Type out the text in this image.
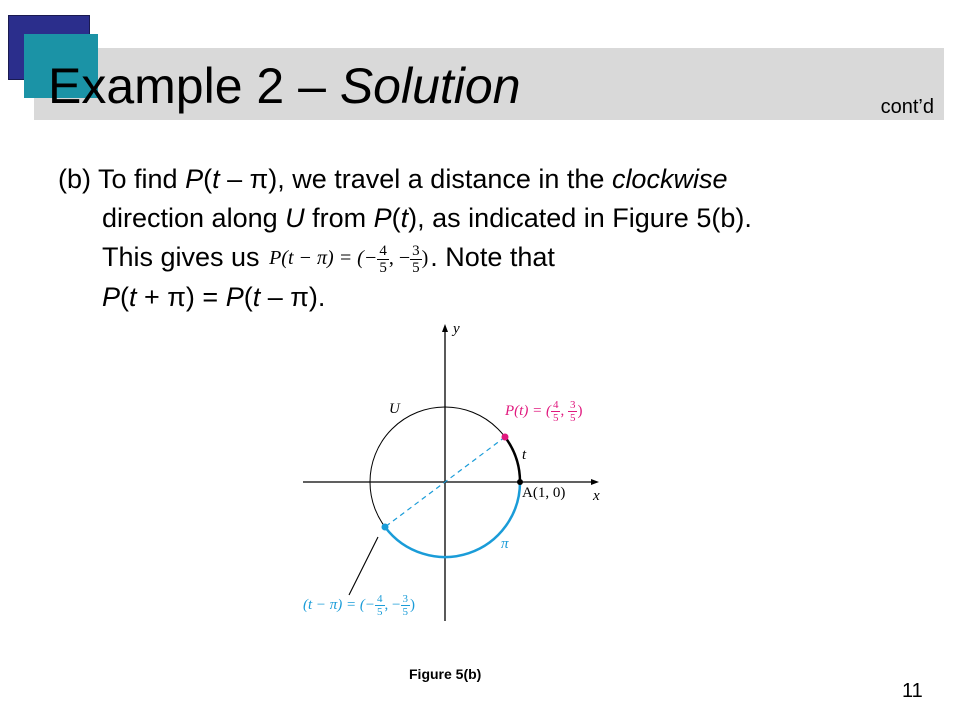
Example 2 – Solution	cont’d
(b) To find P(t – π), we travel a distance in the clockwise
direction along U from P(t), as indicated in Figure 5(b).
This gives us P(t − π) = (− $\frac{4}{5}$ , − $\frac{3}{5}$ ). Note that
P(t + π) = P(t – π).
y
x
U
A(1, 0)
t
π
P(t) = ( $\frac{4}{5}$ , $\frac{3}{5}$ )
(t − π) = (− $\frac{4}{5}$ , − $\frac{3}{5}$ )
Figure 5(b)
11
